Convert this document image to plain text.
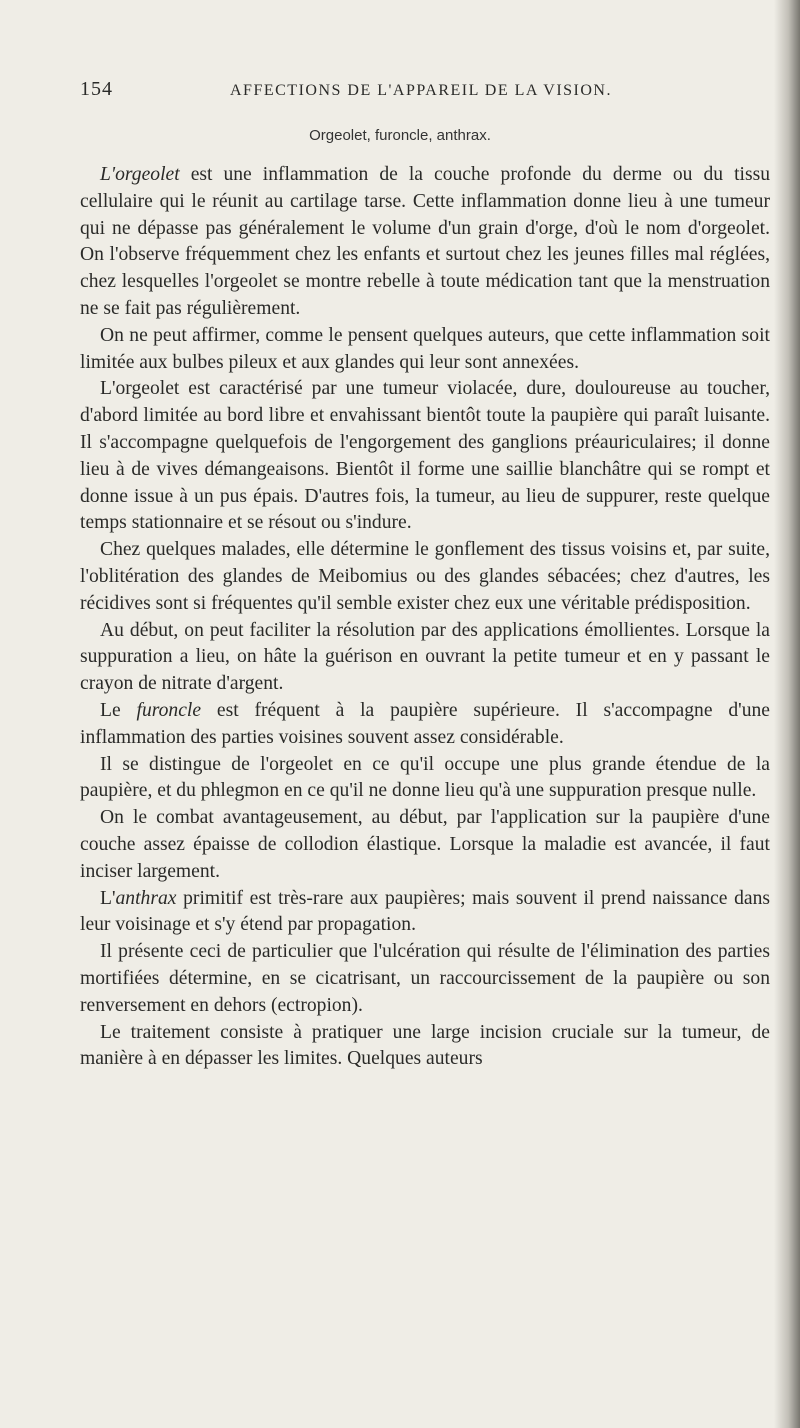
154	AFFECTIONS DE L'APPAREIL DE LA VISION.
Orgeolet, furoncle, anthrax.

L'orgeolet est une inflammation de la couche profonde du derme ou du tissu cellulaire qui le réunit au cartilage tarse. Cette inflammation donne lieu à une tumeur qui ne dépasse pas généralement le volume d'un grain d'orge, d'où le nom d'orgeolet. On l'observe fréquemment chez les enfants et surtout chez les jeunes filles mal réglées, chez lesquelles l'orgeolet se montre rebelle à toute médication tant que la menstruation ne se fait pas régulièrement.

On ne peut affirmer, comme le pensent quelques auteurs, que cette inflammation soit limitée aux bulbes pileux et aux glandes qui leur sont annexées.

L'orgeolet est caractérisé par une tumeur violacée, dure, douloureuse au toucher, d'abord limitée au bord libre et envahissant bientôt toute la paupière qui paraît luisante. Il s'accompagne quelquefois de l'engorgement des ganglions préauriculaires; il donne lieu à de vives démangeaisons. Bientôt il forme une saillie blanchâtre qui se rompt et donne issue à un pus épais. D'autres fois, la tumeur, au lieu de suppurer, reste quelque temps stationnaire et se résout ou s'indure.

Chez quelques malades, elle détermine le gonflement des tissus voisins et, par suite, l'oblitération des glandes de Meibomius ou des glandes sébacées; chez d'autres, les récidives sont si fréquentes qu'il semble exister chez eux une véritable prédisposition.

Au début, on peut faciliter la résolution par des applications émollientes. Lorsque la suppuration a lieu, on hâte la guérison en ouvrant la petite tumeur et en y passant le crayon de nitrate d'argent.

Le furoncle est fréquent à la paupière supérieure. Il s'accompagne d'une inflammation des parties voisines souvent assez considérable.

Il se distingue de l'orgeolet en ce qu'il occupe une plus grande étendue de la paupière, et du phlegmon en ce qu'il ne donne lieu qu'à une suppuration presque nulle.

On le combat avantageusement, au début, par l'application sur la paupière d'une couche assez épaisse de collodion élastique. Lorsque la maladie est avancée, il faut inciser largement.

L'anthrax primitif est très-rare aux paupières; mais souvent il prend naissance dans leur voisinage et s'y étend par propagation.

Il présente ceci de particulier que l'ulcération qui résulte de l'élimination des parties mortifiées détermine, en se cicatrisant, un raccourcissement de la paupière ou son renversement en dehors (ectropion).

Le traitement consiste à pratiquer une large incision cruciale sur la tumeur, de manière à en dépasser les limites. Quelques auteurs
